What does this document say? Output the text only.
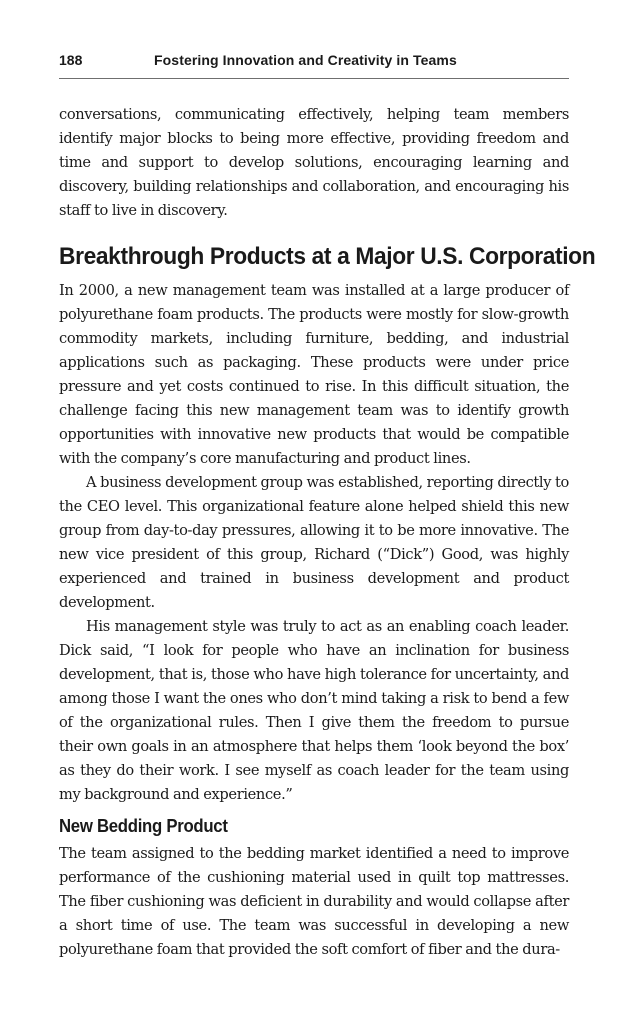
188	Fostering Innovation and Creativity in Teams

conversations, communicating effectively, helping team members identify major blocks to being more effective, providing freedom and time and support to develop solutions, encouraging learning and discovery, building relationships and collaboration, and encouraging his staff to live in discovery.

Breakthrough Products at a Major U.S. Corporation

In 2000, a new management team was installed at a large producer of polyurethane foam products. The products were mostly for slow-growth commodity markets, including furniture, bedding, and industrial applications such as packaging. These products were under price pressure and yet costs continued to rise. In this difficult situation, the challenge facing this new management team was to identify growth opportunities with innovative new products that would be compatible with the company’s core manufacturing and product lines.

A business development group was established, reporting directly to the CEO level. This organizational feature alone helped shield this new group from day-to-day pressures, allowing it to be more innovative. The new vice president of this group, Richard (“Dick”) Good, was highly experienced and trained in business development and product development.

His management style was truly to act as an enabling coach leader. Dick said, “I look for people who have an inclination for business development, that is, those who have high tolerance for uncertainty, and among those I want the ones who don’t mind taking a risk to bend a few of the organizational rules. Then I give them the freedom to pursue their own goals in an atmosphere that helps them ‘look beyond the box’ as they do their work. I see myself as coach leader for the team using my background and experience.”

New Bedding Product

The team assigned to the bedding market identified a need to improve performance of the cushioning material used in quilt top mattresses. The fiber cushioning was deficient in durability and would collapse after a short time of use. The team was successful in developing a new polyurethane foam that provided the soft comfort of fiber and the dura-
